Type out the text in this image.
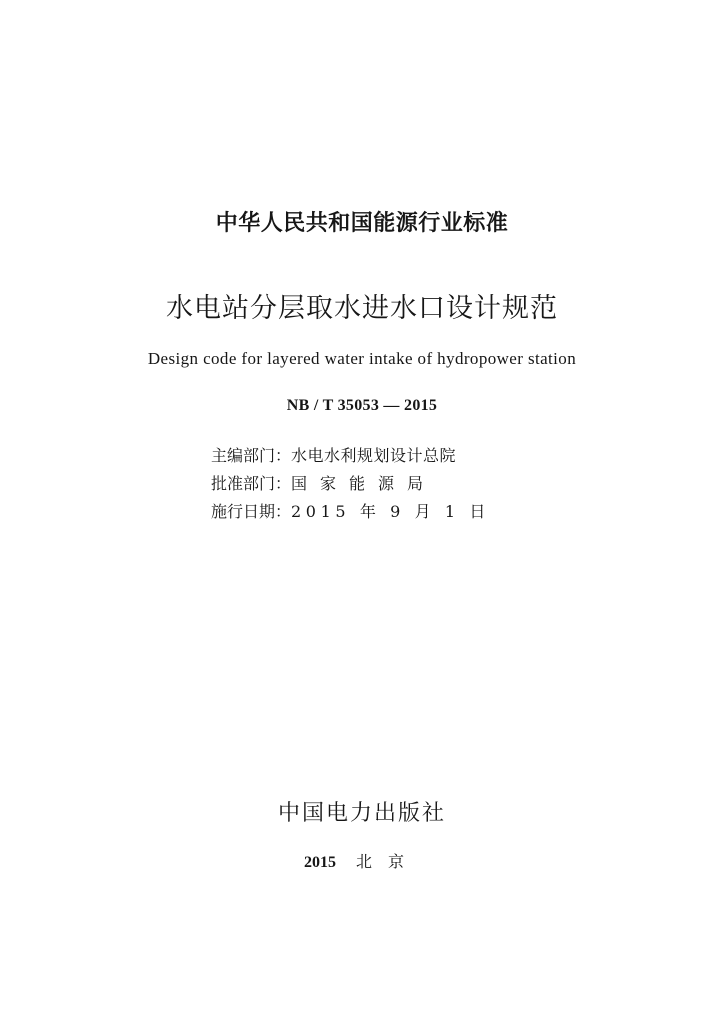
中华人民共和国能源行业标准
水电站分层取水进水口设计规范
Design code for layered water intake of hydropower station
NB / T 35053 — 2015
主编部门：水电水利规划设计总院
批准部门：国家能源局
施行日期：2015 年 9 月 1 日
中国电力出版社
2015 北京
